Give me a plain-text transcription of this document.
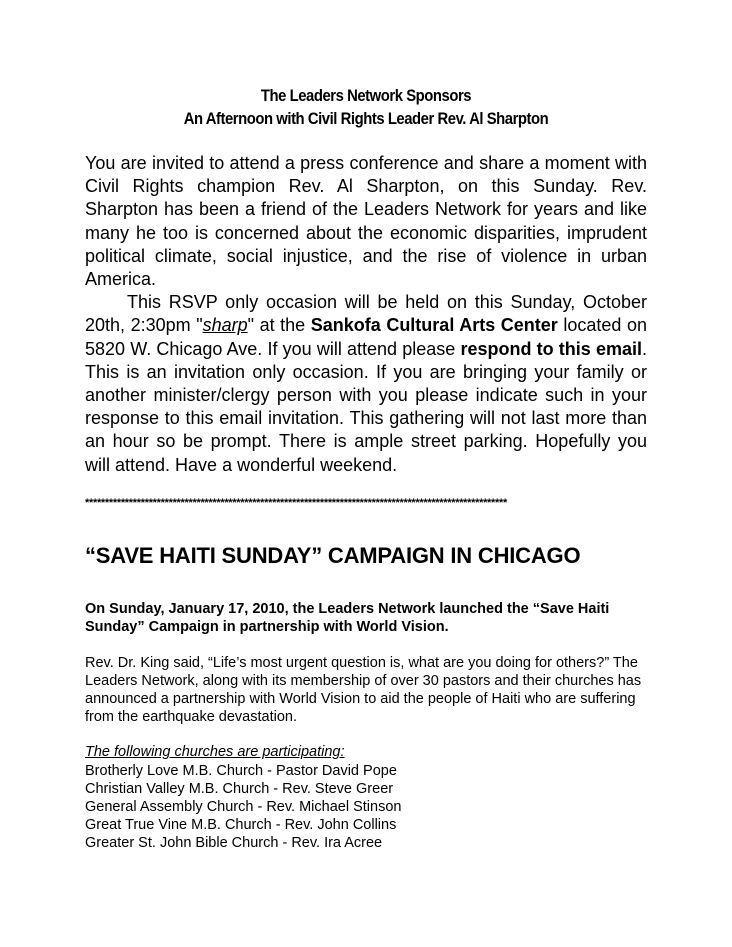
The Leaders Network Sponsors
An Afternoon with Civil Rights Leader Rev. Al Sharpton

You are invited to attend a press conference and share a moment with Civil Rights champion Rev. Al Sharpton, on this Sunday. Rev. Sharpton has been a friend of the Leaders Network for years and like many he too is concerned about the economic disparities, imprudent political climate, social injustice, and the rise of violence in urban America.

This RSVP only occasion will be held on this Sunday, October 20th, 2:30pm "sharp" at the Sankofa Cultural Arts Center located on 5820 W. Chicago Ave. If you will attend please respond to this email. This is an invitation only occasion. If you are bringing your family or another minister/clergy person with you please indicate such in your response to this email invitation. This gathering will not last more than an hour so be prompt. There is ample street parking. Hopefully you will attend. Have a wonderful weekend.

**********************************************************************************************************
“SAVE HAITI SUNDAY” CAMPAIGN IN CHICAGO

On Sunday, January 17, 2010, the Leaders Network launched the “Save Haiti Sunday” Campaign in partnership with World Vision.

Rev. Dr. King said, “Life’s most urgent question is, what are you doing for others?” The Leaders Network, along with its membership of over 30 pastors and their churches has announced a partnership with World Vision to aid the people of Haiti who are suffering from the earthquake devastation.

The following churches are participating:

Brotherly Love M.B. Church - Pastor David Pope
Christian Valley M.B. Church - Rev. Steve Greer
General Assembly Church - Rev. Michael Stinson
Great True Vine M.B. Church - Rev. John Collins
Greater St. John Bible Church - Rev. Ira Acree
